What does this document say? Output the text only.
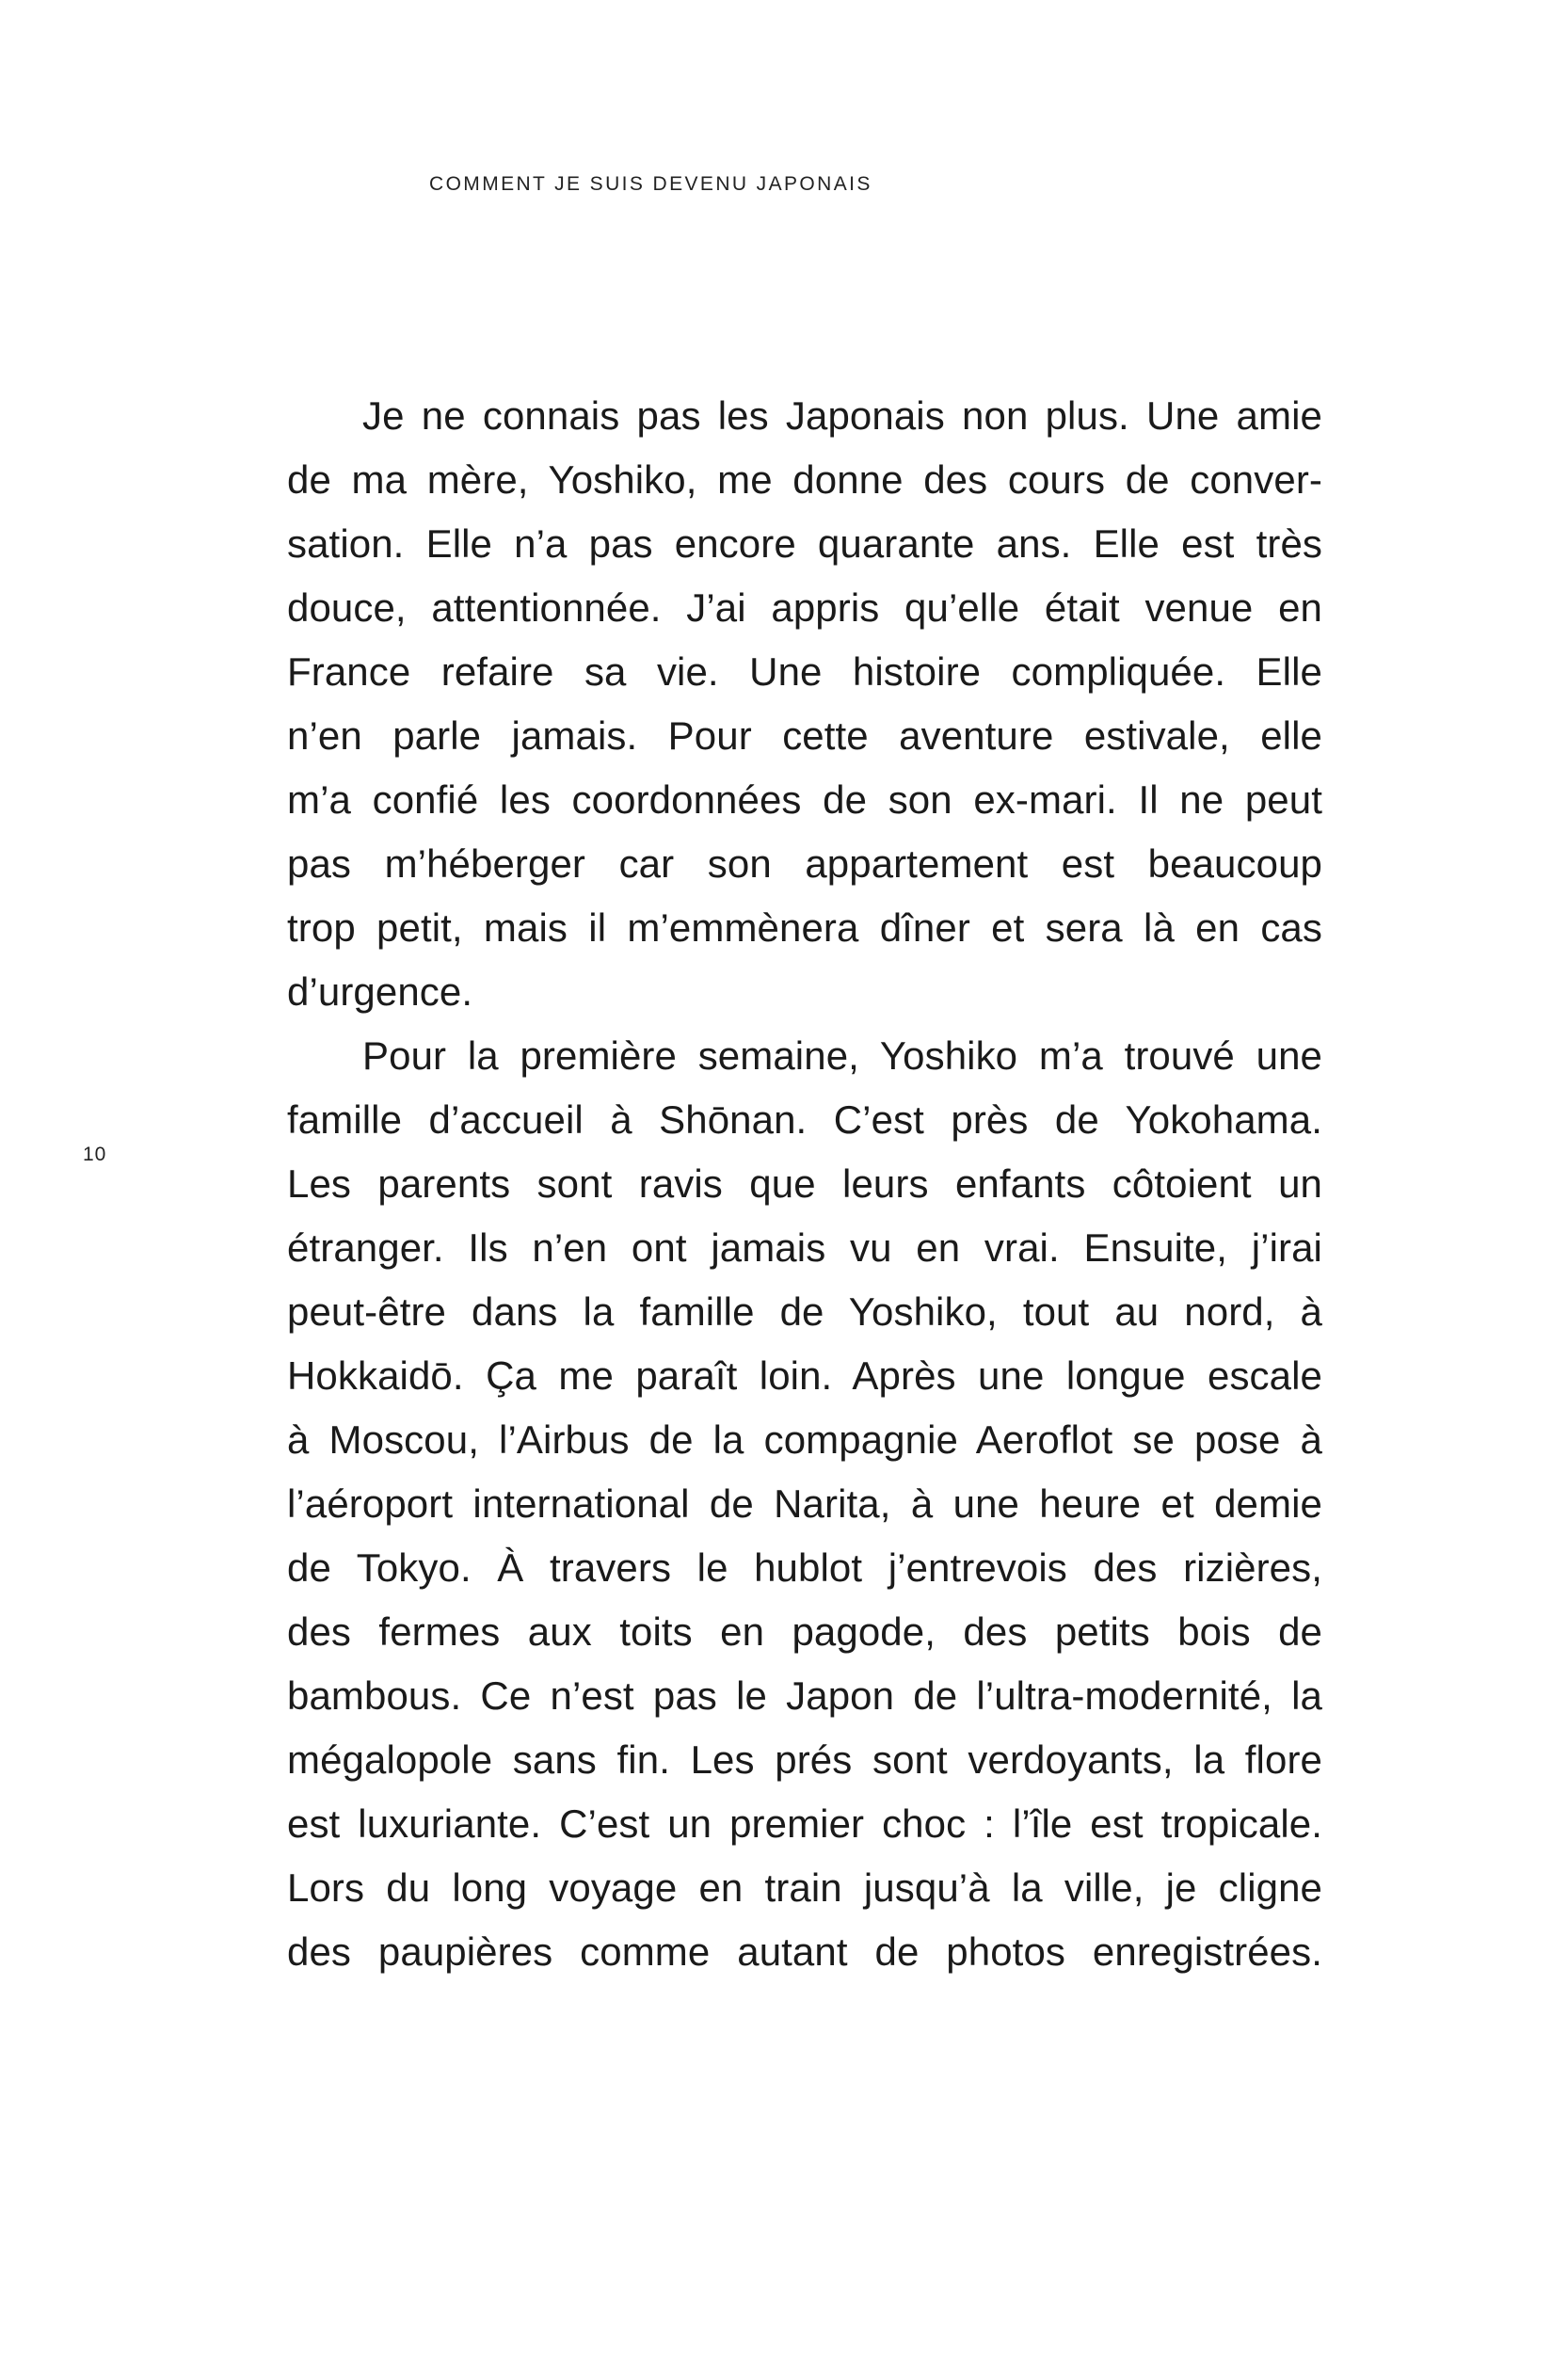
COMMENT JE SUIS DEVENU JAPONAIS
10
Je ne connais pas les Japonais non plus. Une amie
de ma mère, Yoshiko, me donne des cours de conver-
sation. Elle n’a pas encore quarante ans. Elle est très
douce, attentionnée. J’ai appris qu’elle était venue en
France refaire sa vie. Une histoire compliquée. Elle
n’en parle jamais. Pour cette aventure estivale, elle
m’a confié les coordonnées de son ex-mari. Il ne peut
pas m’héberger car son appartement est beaucoup
trop petit, mais il m’emmènera dîner et sera là en cas
d’urgence.
Pour la première semaine, Yoshiko m’a trouvé une
famille d’accueil à Shōnan. C’est près de Yokohama.
Les parents sont ravis que leurs enfants côtoient un
étranger. Ils n’en ont jamais vu en vrai. Ensuite, j’irai
peut-être dans la famille de Yoshiko, tout au nord, à
Hokkaidō. Ça me paraît loin. Après une longue escale
à Moscou, l’Airbus de la compagnie Aeroflot se pose à
l’aéroport international de Narita, à une heure et demie
de Tokyo. À travers le hublot j’entrevois des rizières,
des fermes aux toits en pagode, des petits bois de
bambous. Ce n’est pas le Japon de l’ultra-modernité, la
mégalopole sans fin. Les prés sont verdoyants, la flore
est luxuriante. C’est un premier choc : l’île est tropicale.
Lors du long voyage en train jusqu’à la ville, je cligne
des paupières comme autant de photos enregistrées.
